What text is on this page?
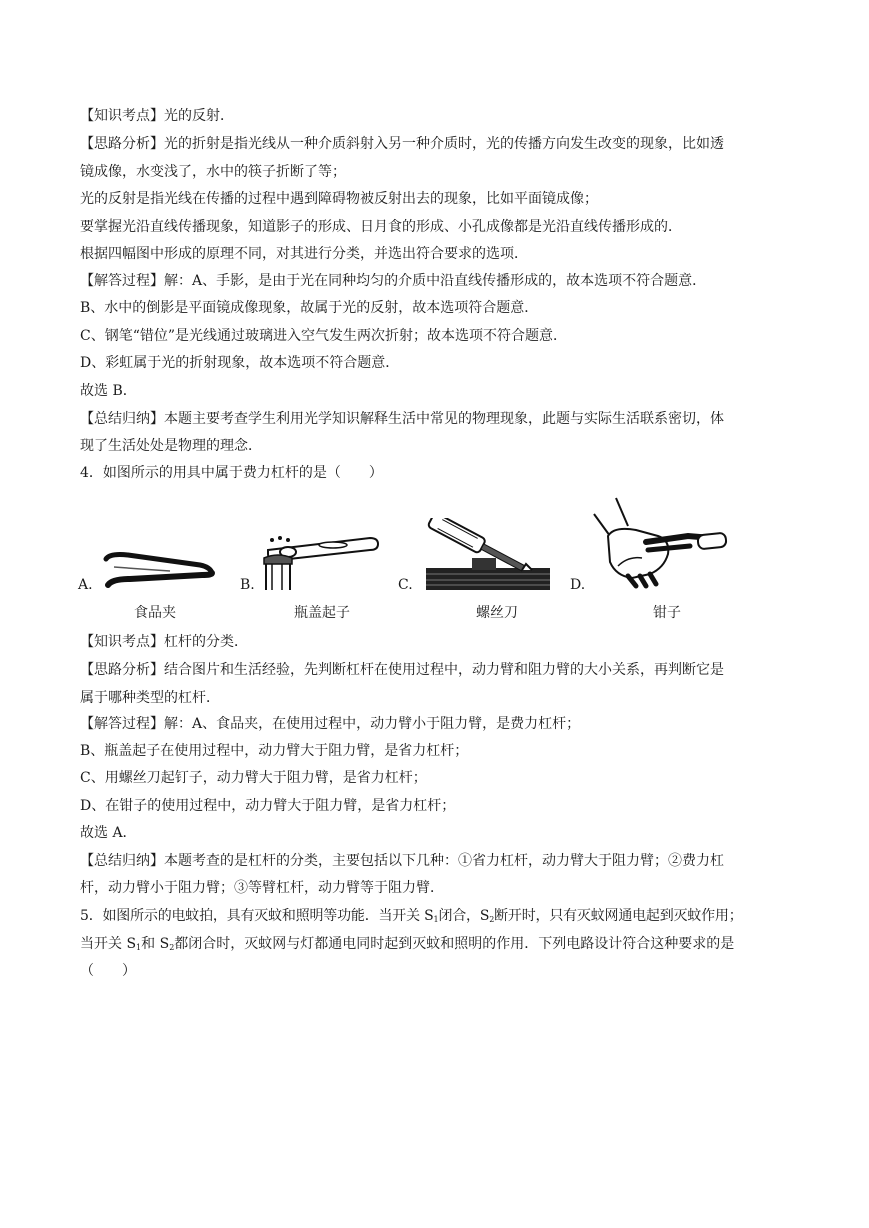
【知识考点】光的反射．
【思路分析】光的折射是指光线从一种介质斜射入另一种介质时，光的传播方向发生改变的现象，比如透
镜成像，水变浅了，水中的筷子折断了等；
光的反射是指光线在传播的过程中遇到障碍物被反射出去的现象，比如平面镜成像；
要掌握光沿直线传播现象，知道影子的形成、日月食的形成、小孔成像都是光沿直线传播形成的．
根据四幅图中形成的原理不同，对其进行分类，并选出符合要求的选项．
【解答过程】解：A、手影，是由于光在同种均匀的介质中沿直线传播形成的，故本选项不符合题意．
B、水中的倒影是平面镜成像现象，故属于光的反射，故本选项符合题意．
C、钢笔“错位”是光线通过玻璃进入空气发生两次折射；故本选项不符合题意．
D、彩虹属于光的折射现象，故本选项不符合题意．
故选 B．
【总结归纳】本题主要考查学生利用光学知识解释生活中常见的物理现象，此题与实际生活联系密切，体
现了生活处处是物理的理念．
4．如图所示的用具中属于费力杠杆的是（　　）
A.
食品夹
B.
瓶盖起子
C.
螺丝刀
D.
钳子
【知识考点】杠杆的分类．
【思路分析】结合图片和生活经验，先判断杠杆在使用过程中，动力臂和阻力臂的大小关系，再判断它是
属于哪种类型的杠杆．
【解答过程】解：A、食品夹，在使用过程中，动力臂小于阻力臂，是费力杠杆；
B、瓶盖起子在使用过程中，动力臂大于阻力臂，是省力杠杆；
C、用螺丝刀起钉子，动力臂大于阻力臂，是省力杠杆；
D、在钳子的使用过程中，动力臂大于阻力臂，是省力杠杆；
故选 A．
【总结归纳】本题考查的是杠杆的分类，主要包括以下几种：①省力杠杆，动力臂大于阻力臂；②费力杠
杆，动力臂小于阻力臂；③等臂杠杆，动力臂等于阻力臂．
5．如图所示的电蚊拍，具有灭蚊和照明等功能．当开关 $S_1$闭合，$S_2$断开时，只有灭蚊网通电起到灭蚊作用；
当开关 $S_1$和 $S_2$都闭合时，灭蚊网与灯都通电同时起到灭蚊和照明的作用．下列电路设计符合这种要求的是
（　　）
